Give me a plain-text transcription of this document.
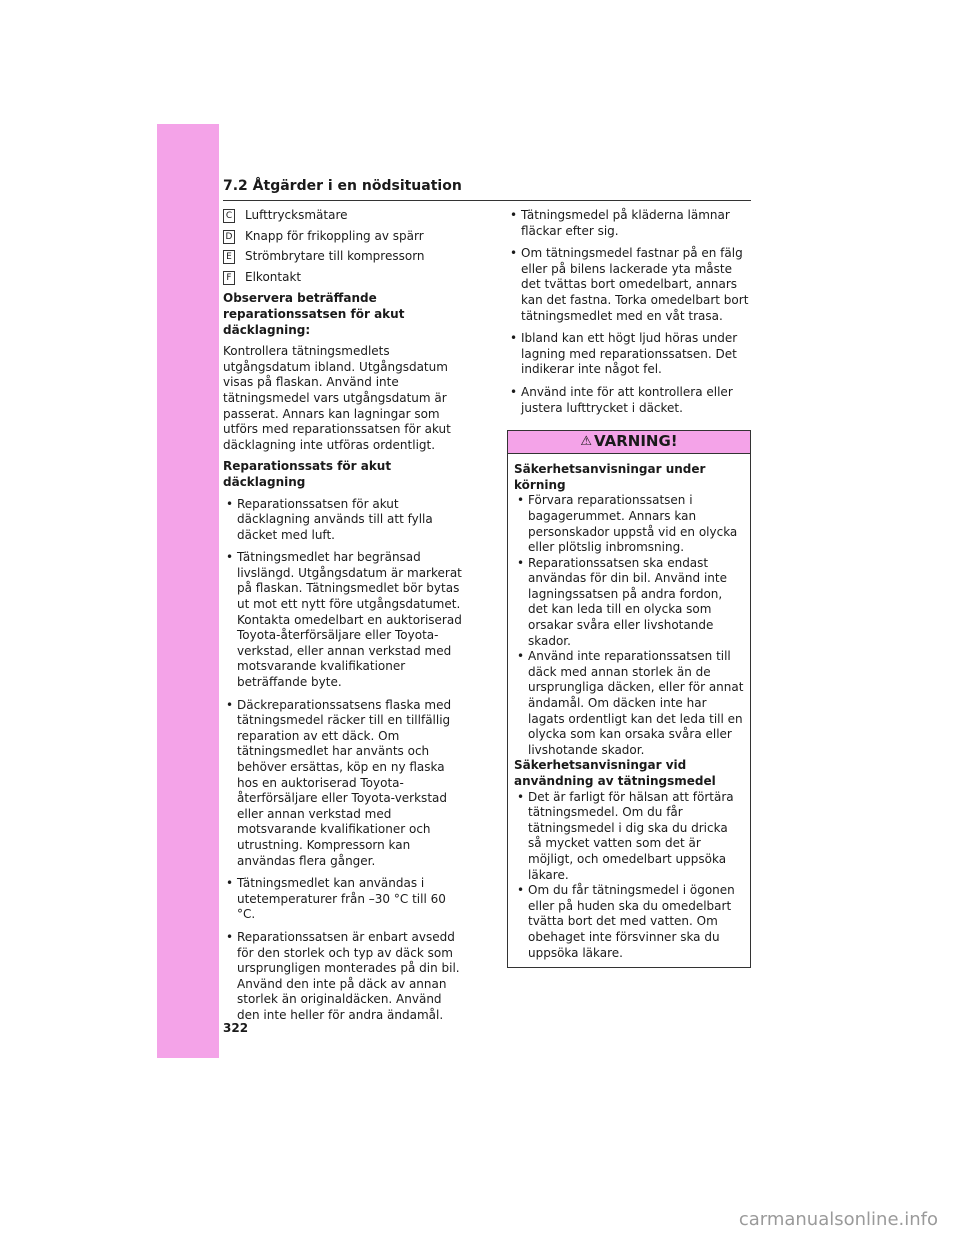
7.2 Åtgärder i en nödsituation
C Lufttrycksmätare
D Knapp för frikoppling av spärr
E Strömbrytare till kompressorn
F Elkontakt
Observera beträffande reparationssatsen för akut däcklagning:

Kontrollera tätningsmedlets utgångsdatum ibland. Utgångsdatum visas på flaskan. Använd inte tätningsmedel vars utgångsdatum är passerat. Annars kan lagningar som utförs med reparationssatsen för akut däcklagning inte utföras ordentligt.

Reparationssats för akut däcklagning
• Reparationssatsen för akut däcklagning används till att fylla däcket med luft.
• Tätningsmedlet har begränsad livslängd. Utgångsdatum är markerat på flaskan. Tätningsmedlet bör bytas ut mot ett nytt före utgångsdatumet. Kontakta omedelbart en auktoriserad Toyota-återförsäljare eller Toyota-verkstad, eller annan verkstad med motsvarande kvalifikationer beträffande byte.
• Däckreparationssatsens flaska med tätningsmedel räcker till en tillfällig reparation av ett däck. Om tätningsmedlet har använts och behöver ersättas, köp en ny flaska hos en auktoriserad Toyota-återförsäljare eller Toyota-verkstad eller annan verkstad med motsvarande kvalifikationer och utrustning. Kompressorn kan användas flera gånger.
• Tätningsmedlet kan användas i utetemperaturer från –30 °C till 60 °C.
• Reparationssatsen är enbart avsedd för den storlek och typ av däck som ursprungligen monterades på din bil. Använd den inte på däck av annan storlek än originaldäcken. Använd den inte heller för andra ändamål.
• Tätningsmedel på kläderna lämnar fläckar efter sig.
• Om tätningsmedel fastnar på en fälg eller på bilens lackerade yta måste det tvättas bort omedelbart, annars kan det fastna. Torka omedelbart bort tätningsmedlet med en våt trasa.
• Ibland kan ett högt ljud höras under lagning med reparationssatsen. Det indikerar inte något fel.
• Använd inte för att kontrollera eller justera lufttrycket i däcket.
⚠ VARNING!
Säkerhetsanvisningar under körning
• Förvara reparationssatsen i bagagerummet. Annars kan personskador uppstå vid en olycka eller plötslig inbromsning.
• Reparationssatsen ska endast användas för din bil. Använd inte lagningssatsen på andra fordon, det kan leda till en olycka som orsakar svåra eller livshotande skador.
• Använd inte reparationssatsen till däck med annan storlek än de ursprungliga däcken, eller för annat ändamål. Om däcken inte har lagats ordentligt kan det leda till en olycka som kan orsaka svåra eller livshotande skador.
Säkerhetsanvisningar vid användning av tätningsmedel
• Det är farligt för hälsan att förtära tätningsmedel. Om du får tätningsmedel i dig ska du dricka så mycket vatten som det är möjligt, och omedelbart uppsöka läkare.
• Om du får tätningsmedel i ögonen eller på huden ska du omedelbart tvätta bort det med vatten. Om obehaget inte försvinner ska du uppsöka läkare.
322
carmanualsonline.info
